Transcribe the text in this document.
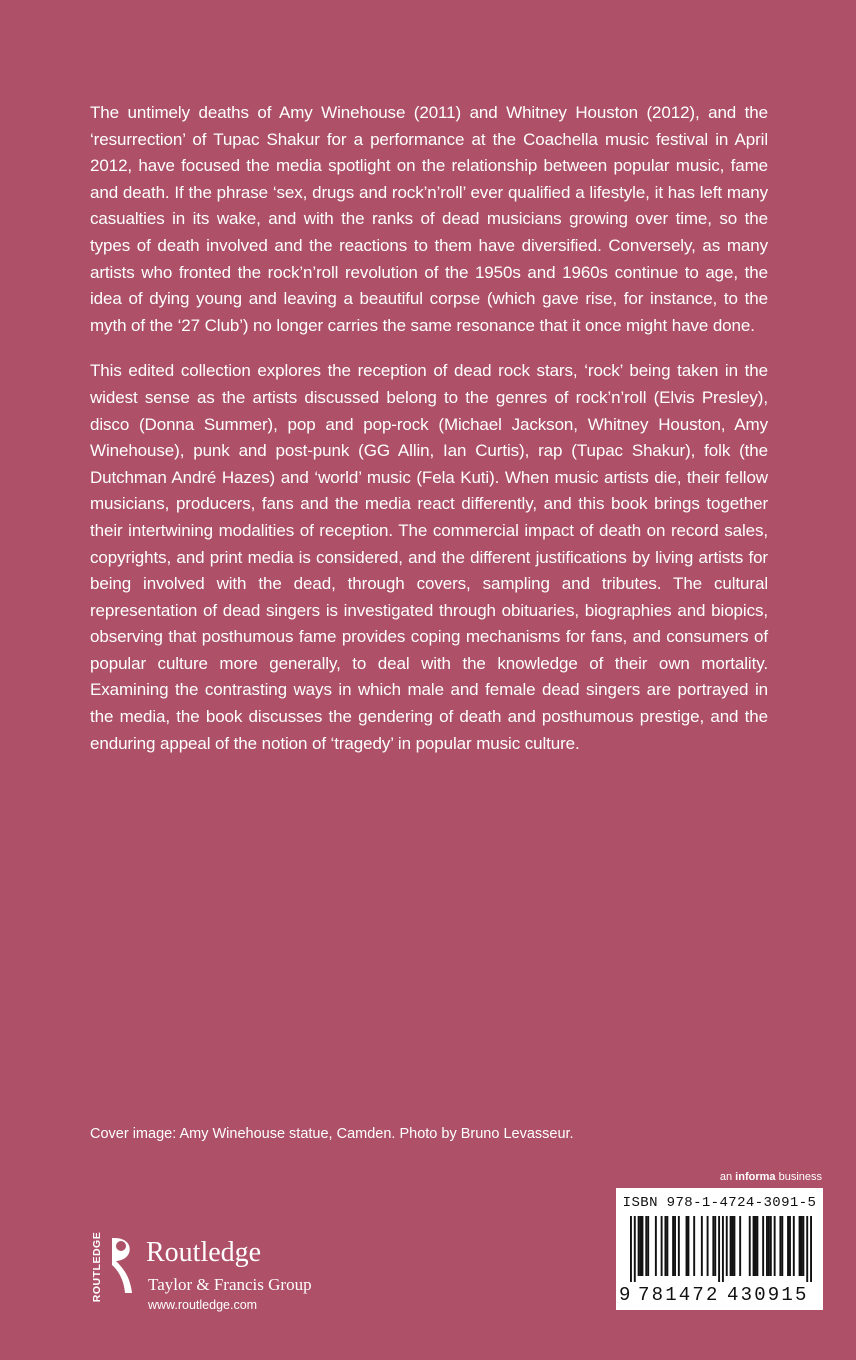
The untimely deaths of Amy Winehouse (2011) and Whitney Houston (2012), and the ‘resurrection’ of Tupac Shakur for a performance at the Coachella music festival in April 2012, have focused the media spotlight on the relationship between popular music, fame and death. If the phrase ‘sex, drugs and rock’n’roll’ ever qualified a lifestyle, it has left many casualties in its wake, and with the ranks of dead musicians growing over time, so the types of death involved and the reactions to them have diversified. Conversely, as many artists who fronted the rock’n’roll revolution of the 1950s and 1960s continue to age, the idea of dying young and leaving a beautiful corpse (which gave rise, for instance, to the myth of the ‘27 Club’) no longer carries the same resonance that it once might have done.

This edited collection explores the reception of dead rock stars, ‘rock’ being taken in the widest sense as the artists discussed belong to the genres of rock’n’roll (Elvis Presley), disco (Donna Summer), pop and pop-rock (Michael Jackson, Whitney Houston, Amy Winehouse), punk and post-punk (GG Allin, Ian Curtis), rap (Tupac Shakur), folk (the Dutchman André Hazes) and ‘world’ music (Fela Kuti). When music artists die, their fellow musicians, producers, fans and the media react differently, and this book brings together their intertwining modalities of reception. The commercial impact of death on record sales, copyrights, and print media is considered, and the different justifications by living artists for being involved with the dead, through covers, sampling and tributes. The cultural representation of dead singers is investigated through obituaries, biographies and biopics, observing that posthumous fame provides coping mechanisms for fans, and consumers of popular culture more generally, to deal with the knowledge of their own mortality. Examining the contrasting ways in which male and female dead singers are portrayed in the media, the book discusses the gendering of death and posthumous prestige, and the enduring appeal of the notion of ‘tragedy’ in popular music culture.

Cover image: Amy Winehouse statue, Camden. Photo by Bruno Levasseur.
an informa business
ROUTLEDGE Routledge
Taylor & Francis Group
www.routledge.com
ISBN 978-1-4724-3091-5
9 781472 430915
